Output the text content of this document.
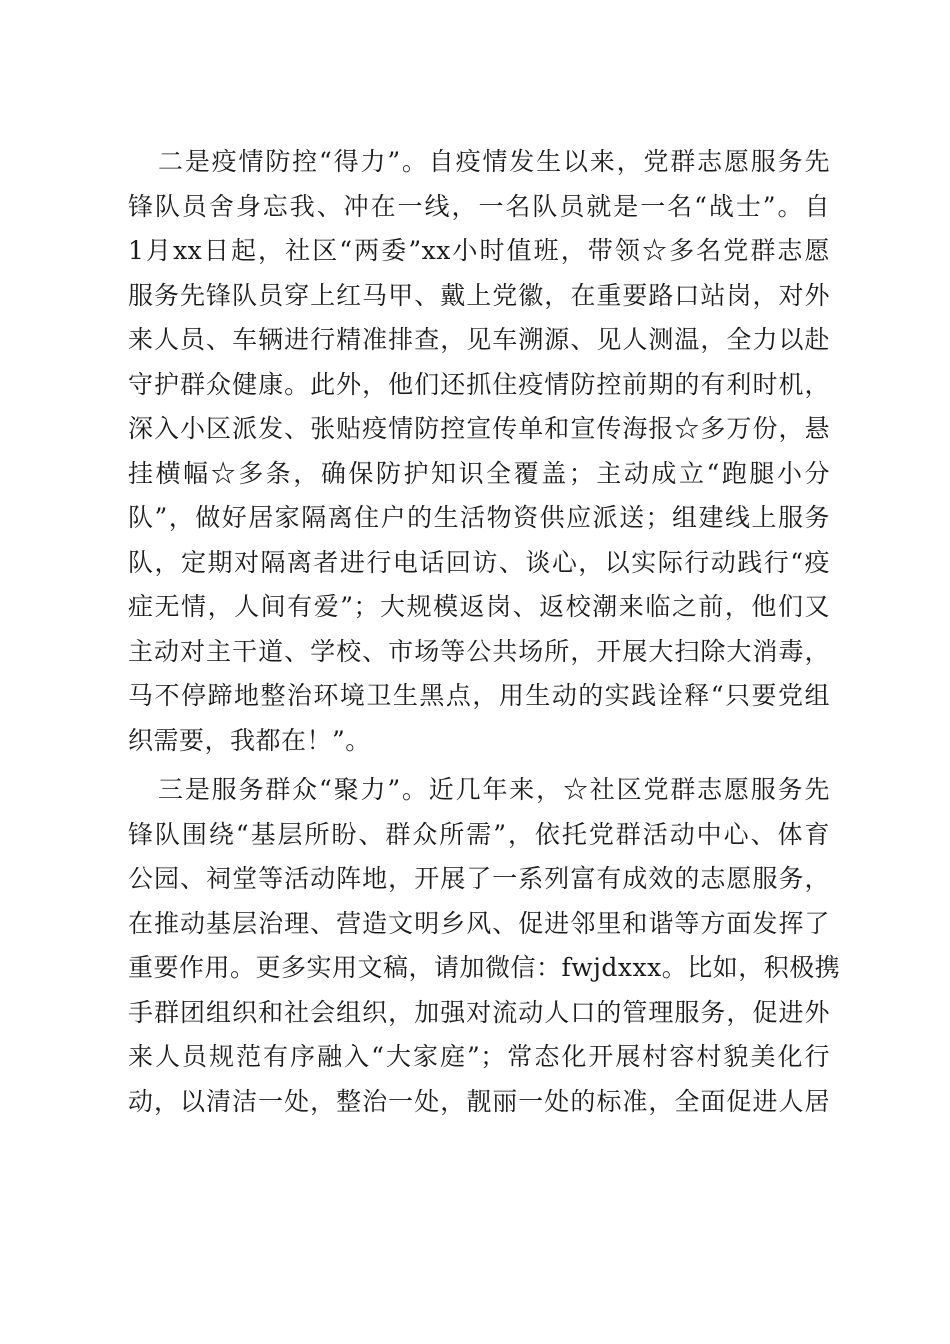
二是疫情防控“得力”。自疫情发生以来，党群志愿服务先
锋队员舍身忘我、冲在一线，一名队员就是一名“战士”。自
1月xx日起，社区“两委”xx小时值班，带领☆多名党群志愿
服务先锋队员穿上红马甲、戴上党徽，在重要路口站岗，对外
来人员、车辆进行精准排查，见车溯源、见人测温，全力以赴
守护群众健康。此外，他们还抓住疫情防控前期的有利时机，
深入小区派发、张贴疫情防控宣传单和宣传海报☆多万份，悬
挂横幅☆多条，确保防护知识全覆盖；主动成立“跑腿小分
队”，做好居家隔离住户的生活物资供应派送；组建线上服务
队，定期对隔离者进行电话回访、谈心，以实际行动践行“疫
症无情，人间有爱”；大规模返岗、返校潮来临之前，他们又
主动对主干道、学校、市场等公共场所，开展大扫除大消毒，
马不停蹄地整治环境卫生黑点，用生动的实践诠释“只要党组
织需要，我都在！”。
三是服务群众“聚力”。近几年来，☆社区党群志愿服务先
锋队围绕“基层所盼、群众所需”，依托党群活动中心、体育
公园、祠堂等活动阵地，开展了一系列富有成效的志愿服务，
在推动基层治理、营造文明乡风、促进邻里和谐等方面发挥了
重要作用。更多实用文稿，请加微信：fwjdxxx。比如，积极携
手群团组织和社会组织，加强对流动人口的管理服务，促进外
来人员规范有序融入“大家庭”；常态化开展村容村貌美化行
动，以清洁一处，整治一处，靓丽一处的标准，全面促进人居
